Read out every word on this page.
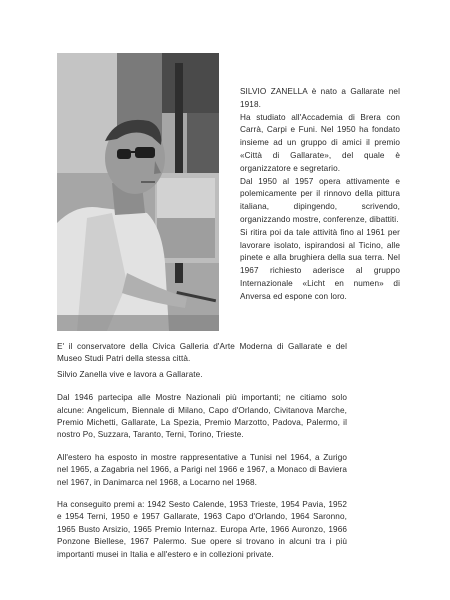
SILVIO ZANELLA è nato a Gallarate nel 1918.

Ha studiato all'Accademia di Brera con Carrà, Carpi e Funi. Nel 1950 ha fondato insieme ad un gruppo di amici il premio «Città di Gallarate», del quale è organizzatore e segretario.

Dal 1950 al 1957 opera attivamente e polemicamente per il rinnovo della pittura italiana, dipingendo, scrivendo, organizzando mostre, conferenze, dibattiti.

Si ritira poi da tale attività fino al 1961 per lavorare isolato, ispirandosi al Ticino, alle pinete e alla brughiera della sua terra. Nel 1967 richiesto aderisce al gruppo Internazionale «Licht en numen» di Anversa ed espone con loro.

E' il conservatore della Civica Galleria d'Arte Moderna di Gallarate e del Museo Studi Patri della stessa città.

Silvio Zanella vive e lavora a Gallarate.

Dal 1946 partecipa alle Mostre Nazionali più importanti; ne citiamo solo alcune: Angelicum, Biennale di Milano, Capo d'Orlando, Civitanova Marche, Premio Michetti, Gallarate, La Spezia, Premio Marzotto, Padova, Palermo, il nostro Po, Suzzara, Taranto, Terni, Torino, Trieste.

All'estero ha esposto in mostre rappresentative a Tunisi nel 1964, a Zurigo nel 1965, a Zagabria nel 1966, a Parigi nel 1966 e 1967, a Monaco di Baviera nel 1967, in Danimarca nel 1968, a Locarno nel 1968.

Ha conseguito premi a: 1942 Sesto Calende, 1953 Trieste, 1954 Pavia, 1952 e 1954 Terni, 1950 e 1957 Gallarate, 1963 Capo d'Orlando, 1964 Saronno, 1965 Busto Arsizio, 1965 Premio Internaz. Europa Arte, 1966 Auronzo, 1966 Ponzone Biellese, 1967 Palermo. Sue opere si trovano in alcuni tra i più importanti musei in Italia e all'estero e in collezioni private.
